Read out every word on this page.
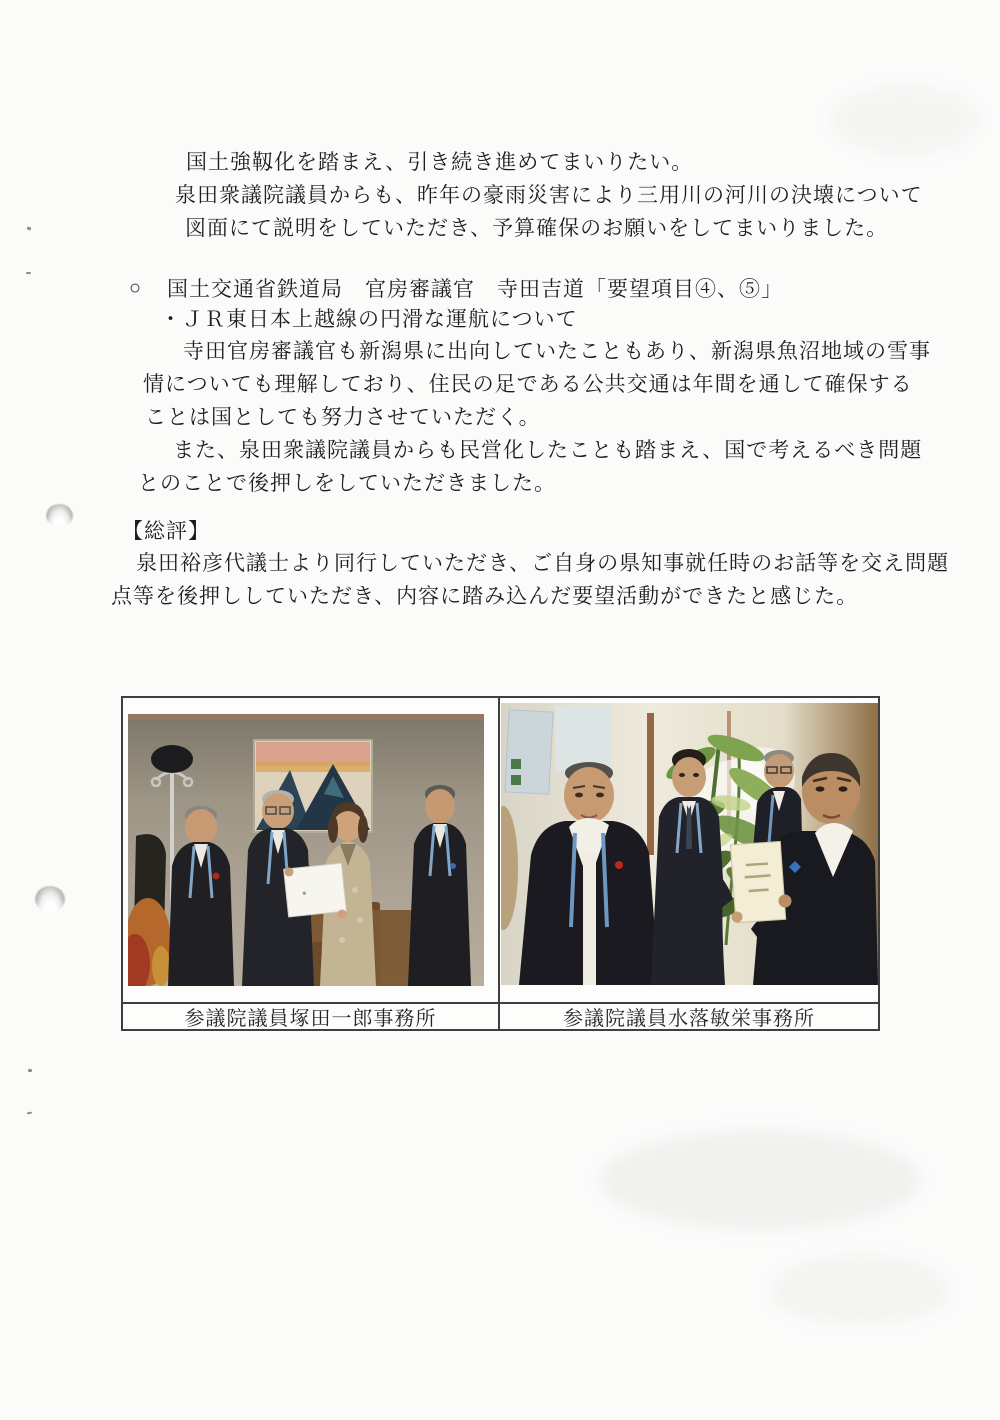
国土強靱化を踏まえ、引き続き進めてまいりたい。
泉田衆議院議員からも、昨年の豪雨災害により三用川の河川の決壊について
図面にて説明をしていただき、予算確保のお願いをしてまいりました。
○ 国土交通省鉄道局　官房審議官　寺田吉道「要望項目④、⑤」
・ＪＲ東日本上越線の円滑な運航について
寺田官房審議官も新潟県に出向していたこともあり、新潟県魚沼地域の雪事
情についても理解しており、住民の足である公共交通は年間を通して確保する
ことは国としても努力させていただく。
また、泉田衆議院議員からも民営化したことも踏まえ、国で考えるべき問題
とのことで後押しをしていただきました。
【総評】
泉田裕彦代議士より同行していただき、ご自身の県知事就任時のお話等を交え問題
点等を後押ししていただき、内容に踏み込んだ要望活動ができたと感じた。
参議院議員塚田一郎事務所	参議院議員水落敏栄事務所
